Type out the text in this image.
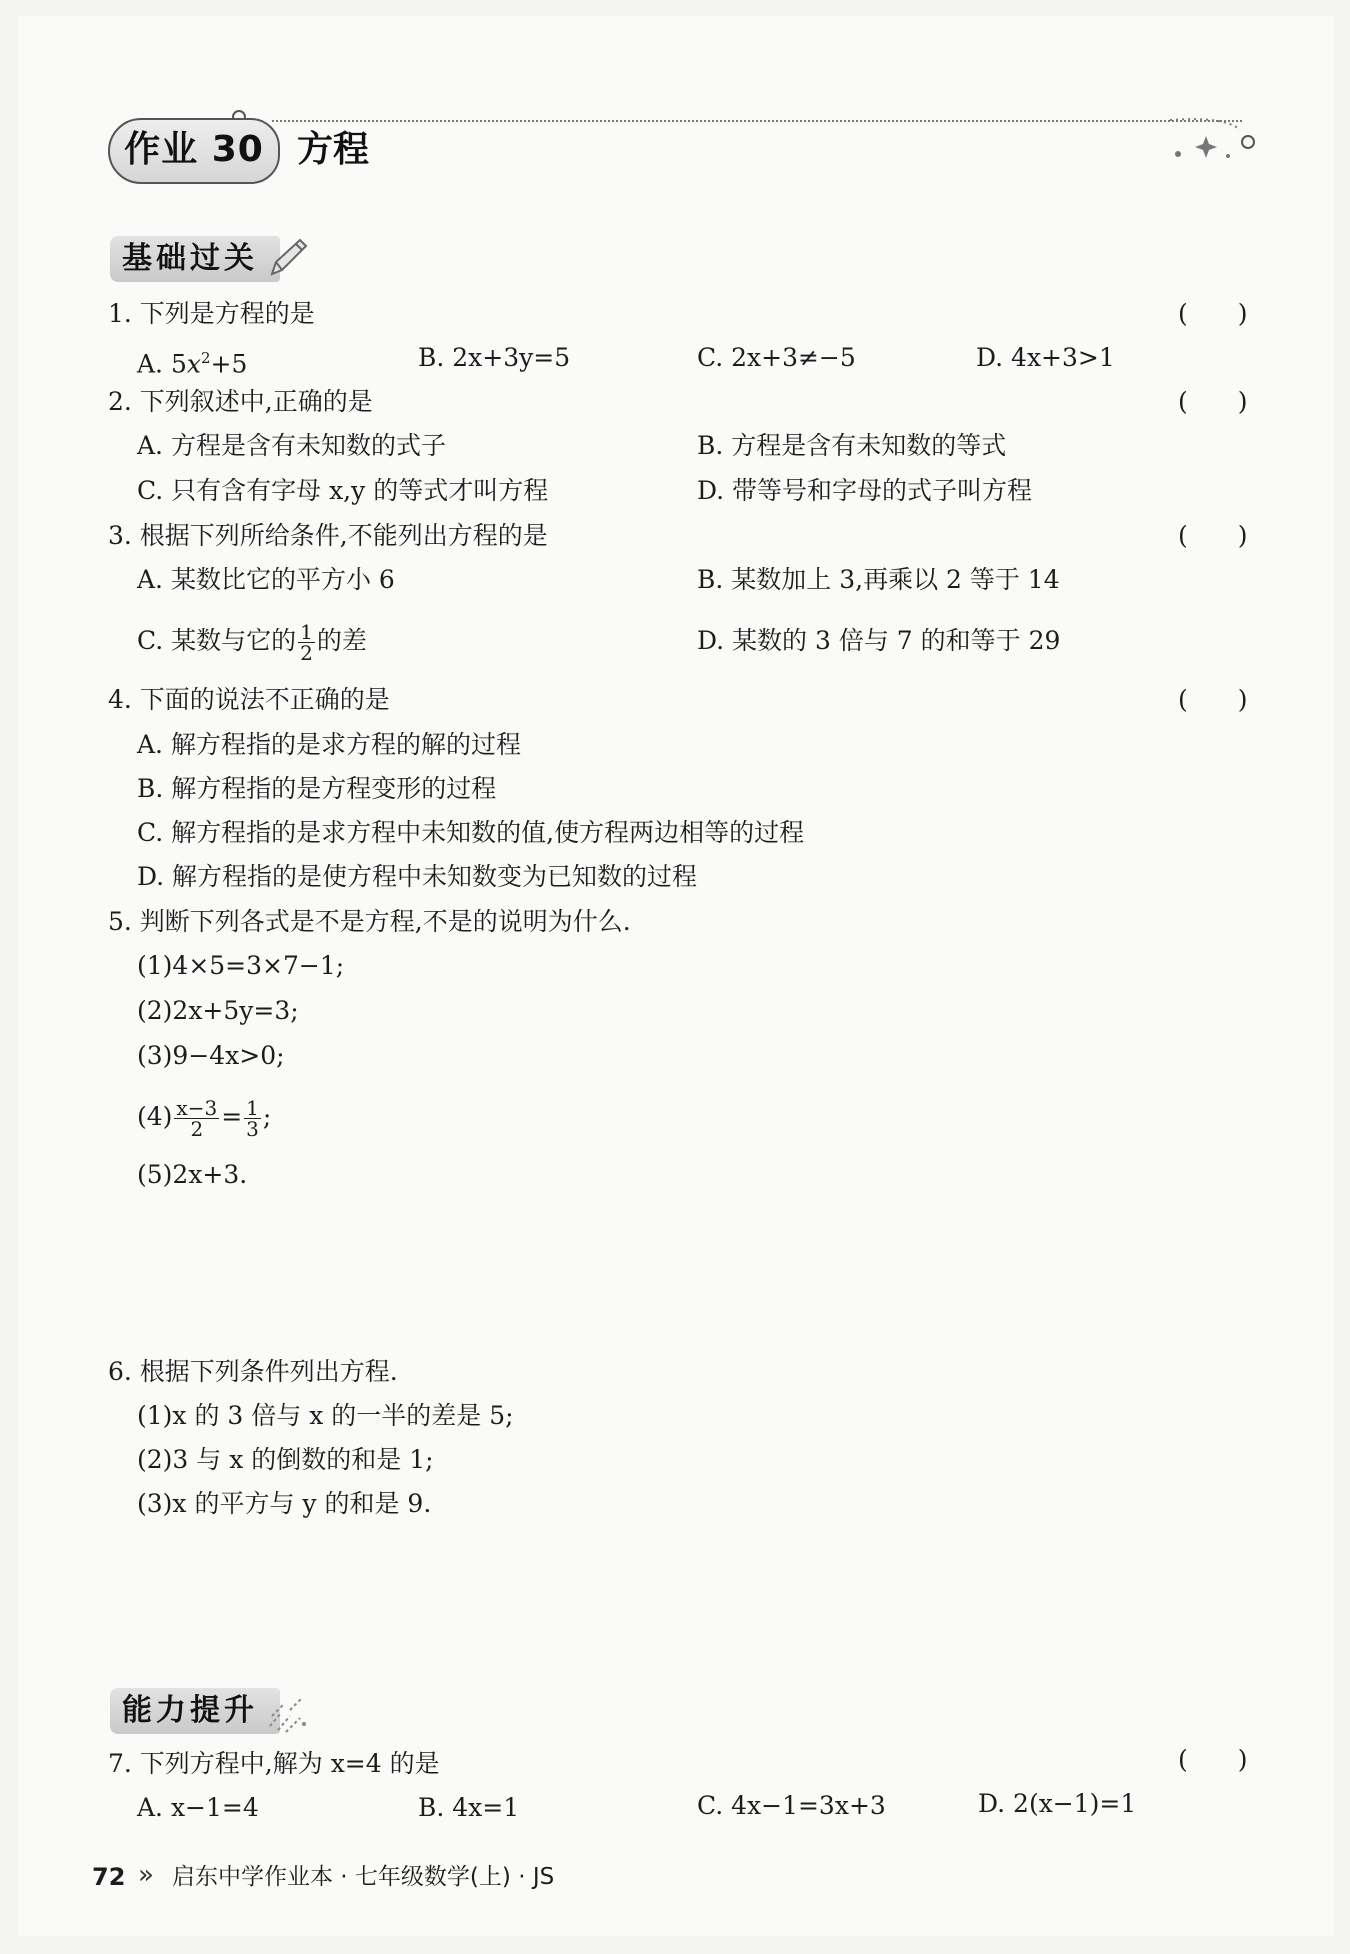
作业 30 方程
基础过关
1. 下列是方程的是	(　　)
A. $5x^2+5$	B. 2x+3y=5	C. 2x+3≠−5	D. 4x+3>1
2. 下列叙述中,正确的是	(　　)
A. 方程是含有未知数的式子	B. 方程是含有未知数的等式
C. 只有含有字母 x,y 的等式才叫方程	D. 带等号和字母的式子叫方程
3. 根据下列所给条件,不能列出方程的是	(　　)
A. 某数比它的平方小 6	B. 某数加上 3,再乘以 2 等于 14
C. 某数与它的 $\frac{1}{2}$ 的差	D. 某数的 3 倍与 7 的和等于 29
4. 下面的说法不正确的是	(　　)
A. 解方程指的是求方程的解的过程
B. 解方程指的是方程变形的过程
C. 解方程指的是求方程中未知数的值,使方程两边相等的过程
D. 解方程指的是使方程中未知数变为已知数的过程
5. 判断下列各式是不是方程,不是的说明为什么.
(1)4×5=3×7−1;
(2)2x+5y=3;
(3)9−4x>0;
$(4) \frac{x-3}{2} = \frac{1}{3}$ ;
(5)2x+3.
6. 根据下列条件列出方程.
(1)x 的 3 倍与 x 的一半的差是 5;
(2)3 与 x 的倒数的和是 1;
(3)x 的平方与 y 的和是 9.
能力提升
7. 下列方程中,解为 x=4 的是	(　　)
A. x−1=4	B. 4x=1	C. 4x−1=3x+3	D. 2(x−1)=1
72 » 启东中学作业本 · 七年级数学(上) · JS
